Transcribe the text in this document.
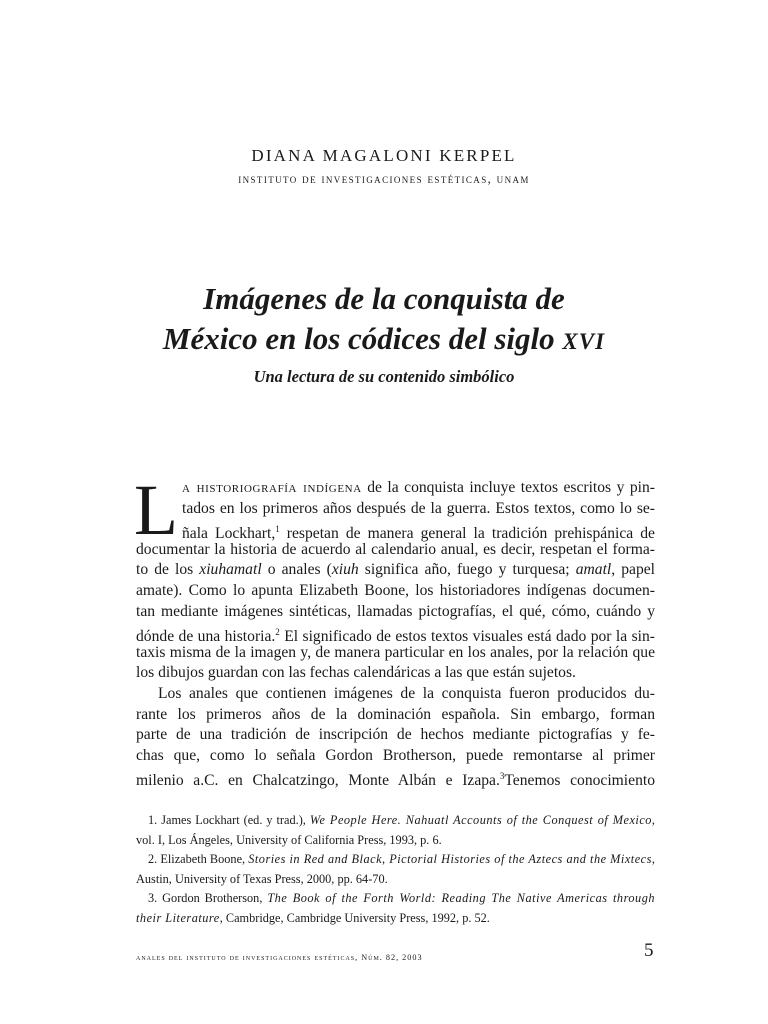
DIANA MAGALONI KERPEL
instituto de investigaciones estéticas, unam
Imágenes de la conquista de
México en los códices del siglo XVI
Una lectura de su contenido simbólico
L a historiografía indígena de la conquista incluye textos escritos y pin-
tados en los primeros años después de la guerra. Estos textos, como lo se-
ñala Lockhart,$^1$ respetan de manera general la tradición prehispánica de
documentar la historia de acuerdo al calendario anual, es decir, respetan el forma-
to de los xiuhamatl o anales (xiuh significa año, fuego y turquesa; amatl, papel
amate). Como lo apunta Elizabeth Boone, los historiadores indígenas documen-
tan mediante imágenes sintéticas, llamadas pictografías, el qué, cómo, cuándo y
dónde de una historia.$^2$ El significado de estos textos visuales está dado por la sin-
taxis misma de la imagen y, de manera particular en los anales, por la relación que
los dibujos guardan con las fechas calendáricas a las que están sujetos.
Los anales que contienen imágenes de la conquista fueron producidos du-
rante los primeros años de la dominación española. Sin embargo, forman
parte de una tradición de inscripción de hechos mediante pictografías y fe-
chas que, como lo señala Gordon Brotherson, puede remontarse al primer
milenio a.C. en Chalcatzingo, Monte Albán e Izapa.$^3$Tenemos conocimiento
1. James Lockhart (ed. y trad.), We People Here. Nahuatl Accounts of the Conquest of Mexico,
vol. I, Los Ángeles, University of California Press, 1993, p. 6.
2. Elizabeth Boone, Stories in Red and Black, Pictorial Histories of the Aztecs and the Mixtecs,
Austin, University of Texas Press, 2000, pp. 64-70.
3. Gordon Brotherson, The Book of the Forth World: Reading The Native Americas through
their Literature, Cambridge, Cambridge University Press, 1992, p. 52.
anales del instituto de investigaciones estéticas, Núm. 82, 2003	5
